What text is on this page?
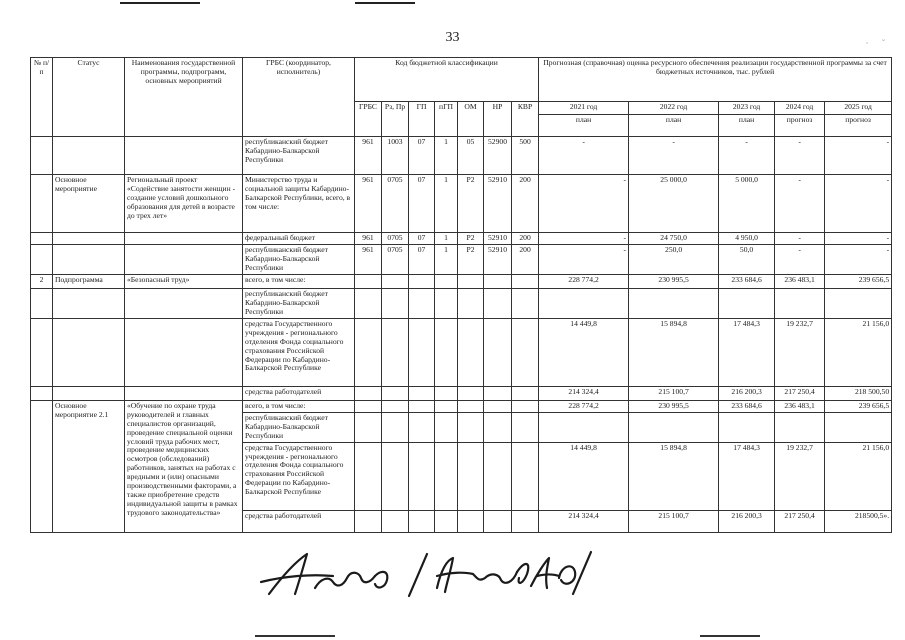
33	·      ˘
№ п/п	Статус	Наименования государственной программы, подпрограмм, основных мероприятий	ГРБС (координатор, исполнитель)	Код бюджетной классификации							Прогнозная (справочная) оценка ресурсного обеспечения реализации государственной программы за счет бюджетных источников, тыс. рублей				
				ГРБС	Рз, Пр	ГП	пГП	ОМ	НР	КВР	2021 год	2022 год	2023 год	2024 год	2025 год
											план	план	план	прогноз	прогноз
			республиканский бюджет Кабардино-Балкарской Республики	961	1003	07	1	05	52900	500	-	-	-	-	-
	Основное мероприятие	Региональный проект «Содействие занятости женщин - создание условий дошкольного образования для детей в возрасте до трех лет»	Министерство труда и социальной защиты Кабардино-Балкарской Республики, всего, в том числе:	961	0705	07	1	Р2	52910	200	-	25 000,0	5 000,0	-	-
			федеральный бюджет	961	0705	07	1	Р2	52910	200	-	24 750,0	4 950,0	-	-
			республиканский бюджет Кабардино-Балкарской Республики	961	0705	07	1	Р2	52910	200	-	250,0	50,0	-	-
2	Подпрограмма	«Безопасный труд»	всего, в том числе:								228 774,2	230 995,5	233 684,6	236 483,1	239 656,5
			республиканский бюджет Кабардино-Балкарской Республики												
			средства Государственного учреждения - регионального отделения Фонда социального страхования Российской Федерации по Кабардино-Балкарской Республике								14 449,8	15 894,8	17 484,3	19 232,7	21 156,0
			средства работодателей								214 324,4	215 100,7	216 200,3	217 250,4	218 500,50
	Основное мероприятие 2.1	«Обучение по охране труда руководителей и главных специалистов организаций, проведение специальной оценки условий труда рабочих мест, проведение медицинских осмотров (обследований) работников, занятых на работах с вредными и (или) опасными производственными факторами, а также приобретение средств индивидуальной защиты в рамках трудового законодательства»	всего, в том числе:								228 774,2	230 995,5	233 684,6	236 483,1	239 656,5
			республиканский бюджет Кабардино-Балкарской Республики												
			средства Государственного учреждения - регионального отделения Фонда социального страхования Российской Федерации по Кабардино-Балкарской Республике								14 449,8	15 894,8	17 484,3	19 232,7	21 156,0
			средства работодателей								214 324,4	215 100,7	216 200,3	217 250,4	218500,5».
